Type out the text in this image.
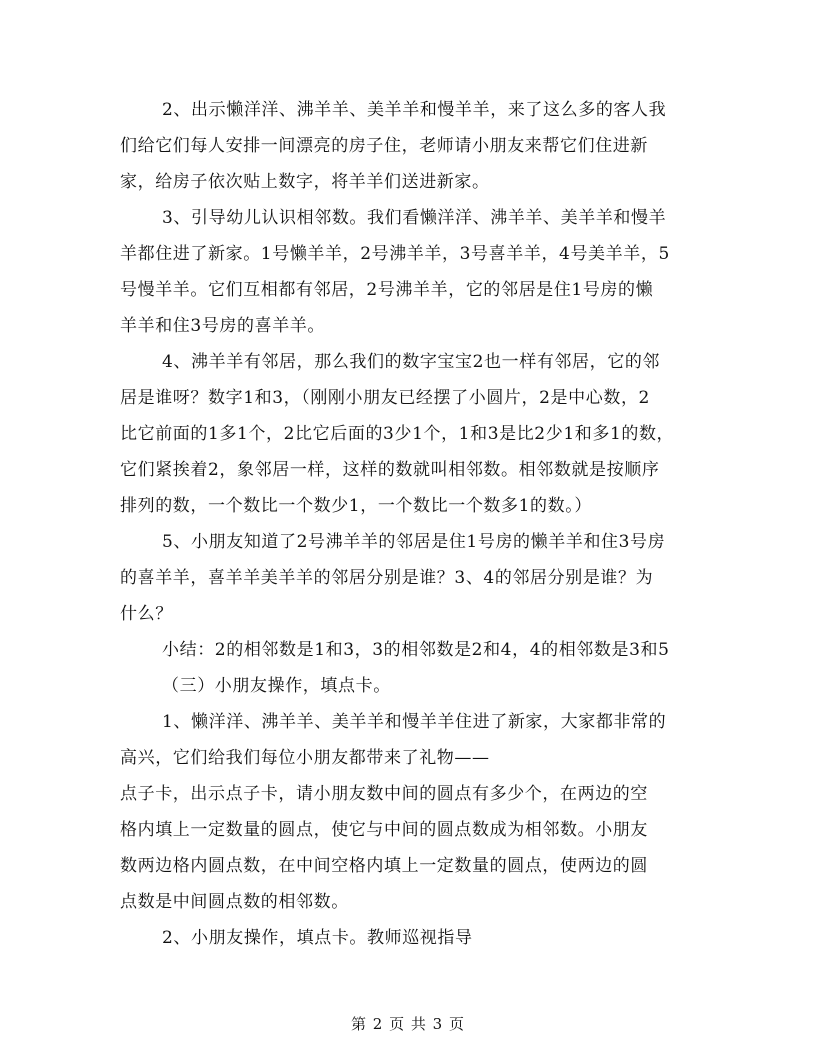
2、出示懒洋洋、沸羊羊、美羊羊和慢羊羊，来了这么多的客人我
们给它们每人安排一间漂亮的房子住，老师请小朋友来帮它们住进新
家，给房子依次贴上数字，将羊羊们送进新家。
3、引导幼儿认识相邻数。我们看懒洋洋、沸羊羊、美羊羊和慢羊
羊都住进了新家。1号懒羊羊，2号沸羊羊，3号喜羊羊，4号美羊羊，5
号慢羊羊。它们互相都有邻居，2号沸羊羊，它的邻居是住1号房的懒
羊羊和住3号房的喜羊羊。
4、沸羊羊有邻居，那么我们的数字宝宝2也一样有邻居，它的邻
居是谁呀？数字1和3，（刚刚小朋友已经摆了小圆片，2是中心数，2
比它前面的1多1个，2比它后面的3少1个，1和3是比2少1和多1的数，
它们紧挨着2，象邻居一样，这样的数就叫相邻数。相邻数就是按顺序
排列的数，一个数比一个数少1，一个数比一个数多1的数。）
5、小朋友知道了2号沸羊羊的邻居是住1号房的懒羊羊和住3号房
的喜羊羊，喜羊羊美羊羊的邻居分别是谁？3、4的邻居分别是谁？为
什么？
小结：2的相邻数是1和3，3的相邻数是2和4，4的相邻数是3和5
（三）小朋友操作，填点卡。
1、懒洋洋、沸羊羊、美羊羊和慢羊羊住进了新家，大家都非常的
高兴，它们给我们每位小朋友都带来了礼物——
点子卡，出示点子卡，请小朋友数中间的圆点有多少个，在两边的空
格内填上一定数量的圆点，使它与中间的圆点数成为相邻数。小朋友
数两边格内圆点数，在中间空格内填上一定数量的圆点，使两边的圆
点数是中间圆点数的相邻数。
2、小朋友操作，填点卡。教师巡视指导
第 2 页 共 3 页
